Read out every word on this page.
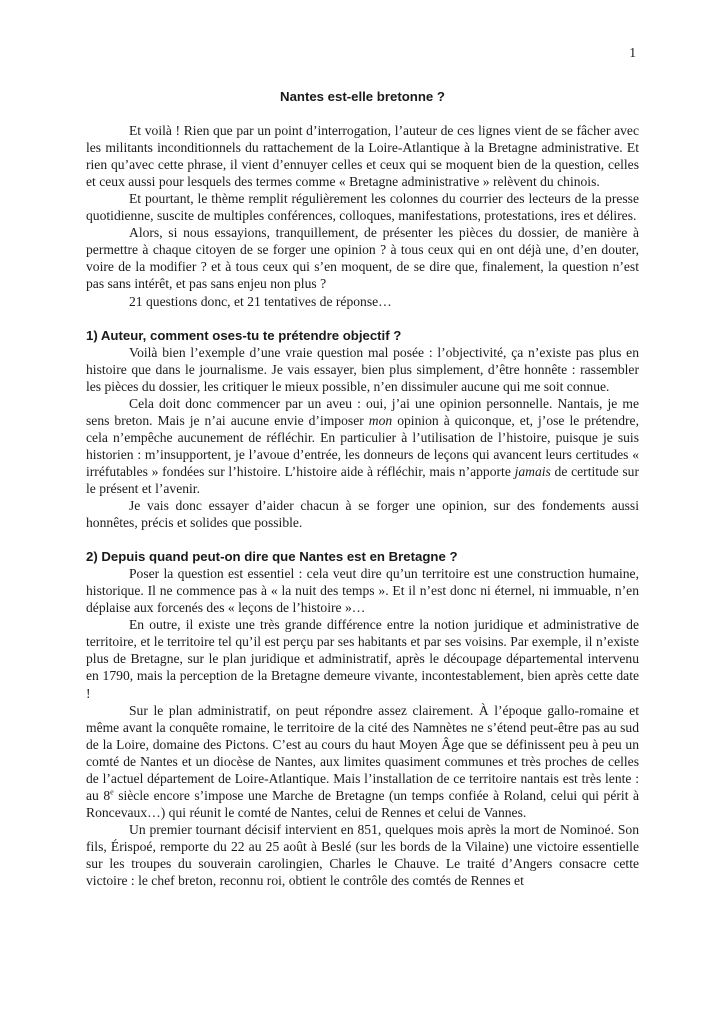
1
Nantes est-elle bretonne ?

Et voilà ! Rien que par un point d’interrogation, l’auteur de ces lignes vient de se fâcher avec les militants inconditionnels du rattachement de la Loire-Atlantique à la Bretagne administrative. Et rien qu’avec cette phrase, il vient d’ennuyer celles et ceux qui se moquent bien de la question, celles et ceux aussi pour lesquels des termes comme « Bretagne administrative » relèvent du chinois.

Et pourtant, le thème remplit régulièrement les colonnes du courrier des lecteurs de la presse quotidienne, suscite de multiples conférences, colloques, manifestations, protestations, ires et délires.

Alors, si nous essayions, tranquillement, de présenter les pièces du dossier, de manière à permettre à chaque citoyen de se forger une opinion ? à tous ceux qui en ont déjà une, d’en douter, voire de la modifier ? et à tous ceux qui s’en moquent, de se dire que, finalement, la question n’est pas sans intérêt, et pas sans enjeu non plus ?

21 questions donc, et 21 tentatives de réponse…

1) Auteur, comment oses-tu te prétendre objectif ?

Voilà bien l’exemple d’une vraie question mal posée : l’objectivité, ça n’existe pas plus en histoire que dans le journalisme. Je vais essayer, bien plus simplement, d’être honnête : rassembler les pièces du dossier, les critiquer le mieux possible, n’en dissimuler aucune qui me soit connue.

Cela doit donc commencer par un aveu : oui, j’ai une opinion personnelle. Nantais, je me sens breton. Mais je n’ai aucune envie d’imposer mon opinion à quiconque, et, j’ose le prétendre, cela n’empêche aucunement de réfléchir. En particulier à l’utilisation de l’histoire, puisque je suis historien : m’insupportent, je l’avoue d’entrée, les donneurs de leçons qui avancent leurs certitudes « irréfutables » fondées sur l’histoire. L’histoire aide à réfléchir, mais n’apporte jamais de certitude sur le présent et l’avenir.

Je vais donc essayer d’aider chacun à se forger une opinion, sur des fondements aussi honnêtes, précis et solides que possible.

2) Depuis quand peut-on dire que Nantes est en Bretagne ?

Poser la question est essentiel : cela veut dire qu’un territoire est une construction humaine, historique. Il ne commence pas à « la nuit des temps ». Et il n’est donc ni éternel, ni immuable, n’en déplaise aux forcenés des « leçons de l’histoire »…

En outre, il existe une très grande différence entre la notion juridique et administrative de territoire, et le territoire tel qu’il est perçu par ses habitants et par ses voisins. Par exemple, il n’existe plus de Bretagne, sur le plan juridique et administratif, après le découpage départemental intervenu en 1790, mais la perception de la Bretagne demeure vivante, incontestablement, bien après cette date !

Sur le plan administratif, on peut répondre assez clairement. À l’époque gallo-romaine et même avant la conquête romaine, le territoire de la cité des Namnètes ne s’étend peut-être pas au sud de la Loire, domaine des Pictons. C’est au cours du haut Moyen Âge que se définissent peu à peu un comté de Nantes et un diocèse de Nantes, aux limites quasiment communes et très proches de celles de l’actuel département de Loire-Atlantique. Mais l’installation de ce territoire nantais est très lente : au 8e siècle encore s’impose une Marche de Bretagne (un temps confiée à Roland, celui qui périt à Roncevaux…) qui réunit le comté de Nantes, celui de Rennes et celui de Vannes.

Un premier tournant décisif intervient en 851, quelques mois après la mort de Nominoé. Son fils, Érispoé, remporte du 22 au 25 août à Beslé (sur les bords de la Vilaine) une victoire essentielle sur les troupes du souverain carolingien, Charles le Chauve. Le traité d’Angers consacre cette victoire : le chef breton, reconnu roi, obtient le contrôle des comtés de Rennes et
